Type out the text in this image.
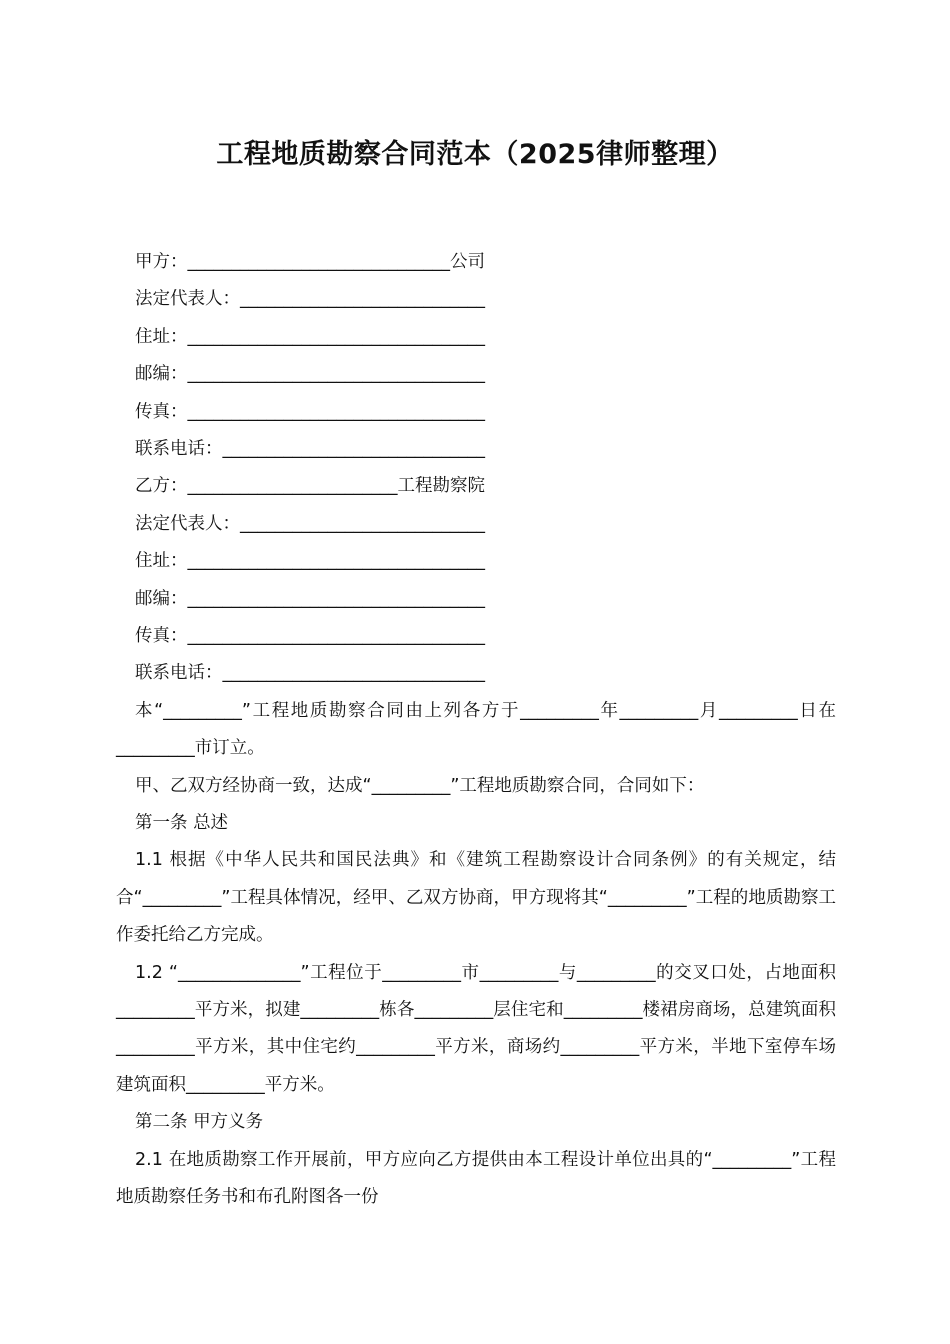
工程地质勘察合同范本（2025律师整理）
甲方：______________________________公司
法定代表人：____________________________
住址：__________________________________
邮编：__________________________________
传真：__________________________________
联系电话：______________________________
乙方：________________________工程勘察院
法定代表人：____________________________
住址：__________________________________
邮编：__________________________________
传真：__________________________________
联系电话：______________________________

本“_________”工程地质勘察合同由上列各方于_________年_________月_________日在_________市订立。

甲、乙双方经协商一致，达成“_________”工程地质勘察合同，合同如下：

第一条 总述

1.1 根据《中华人民共和国民法典》和《建筑工程勘察设计合同条例》的有关规定，结合“_________”工程具体情况，经甲、乙双方协商，甲方现将其“_________”工程的地质勘察工作委托给乙方完成。

1.2 “______________”工程位于_________市_________与_________的交叉口处，占地面积 _________平方米，拟建_________栋各_________层住宅和_________楼裙房商场，总建筑面积_________平方米，其中住宅约_________平方米，商场约_________平方米，半地下室停车场建筑面积_________平方米。

第二条 甲方义务

2.1 在地质勘察工作开展前，甲方应向乙方提供由本工程设计单位出具的“_________”工程地质勘察任务书和布孔附图各一份
